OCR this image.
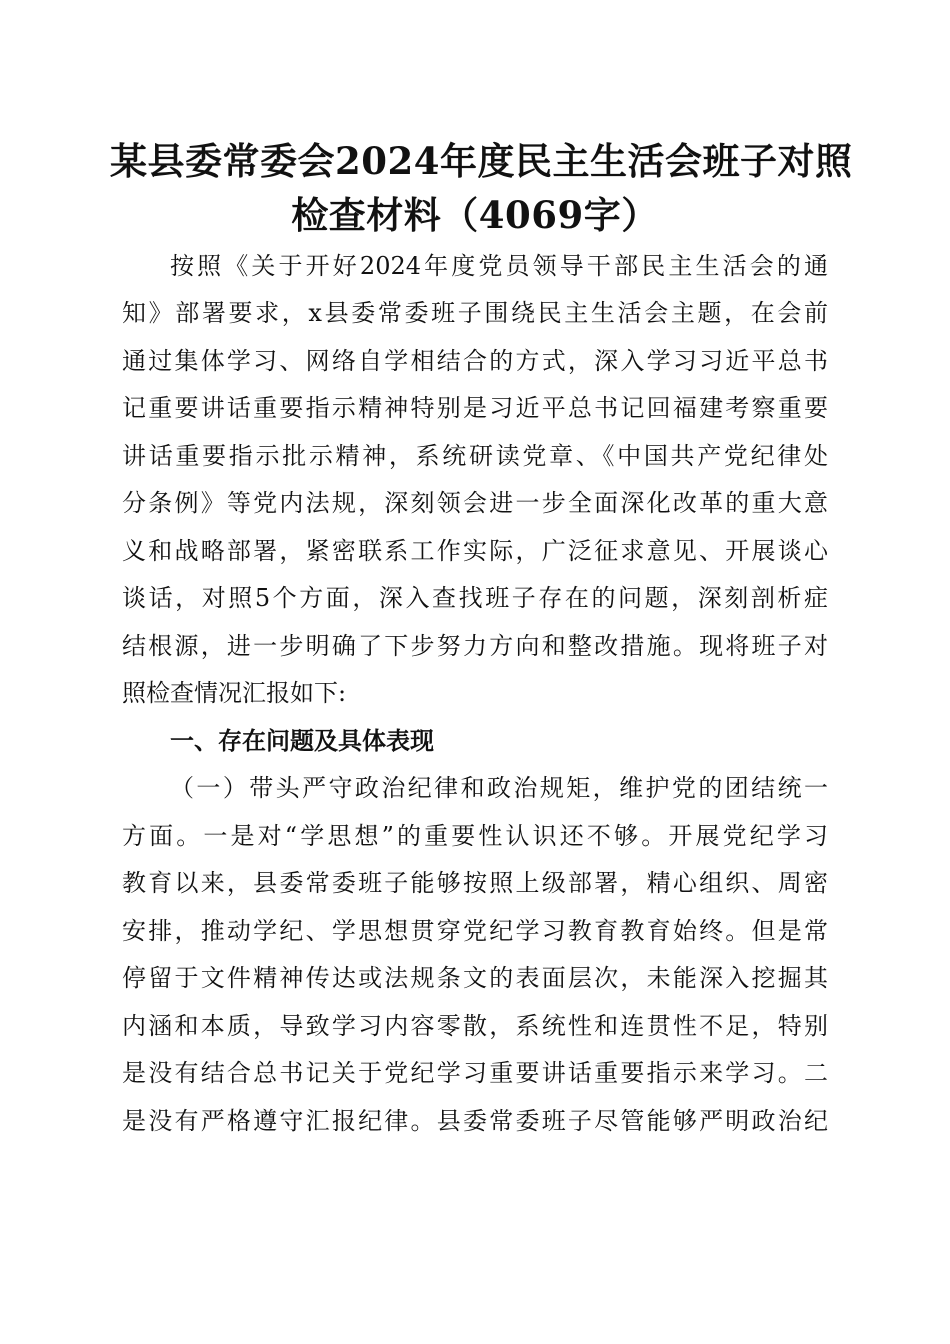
某县委常委会2024年度民主生活会班子对照
检查材料（4069字）
按照《关于开好2024年度党员领导干部民主生活会的通
知》部署要求，x县委常委班子围绕民主生活会主题，在会前
通过集体学习、网络自学相结合的方式，深入学习习近平总书
记重要讲话重要指示精神特别是习近平总书记回福建考察重要
讲话重要指示批示精神，系统研读党章、《中国共产党纪律处
分条例》等党内法规，深刻领会进一步全面深化改革的重大意
义和战略部署，紧密联系工作实际，广泛征求意见、开展谈心
谈话，对照5个方面，深入查找班子存在的问题，深刻剖析症
结根源，进一步明确了下步努力方向和整改措施。现将班子对
照检查情况汇报如下:
一、存在问题及具体表现
（一）带头严守政治纪律和政治规矩，维护党的团结统一
方面。一是对“学思想”的重要性认识还不够。开展党纪学习
教育以来，县委常委班子能够按照上级部署，精心组织、周密
安排，推动学纪、学思想贯穿党纪学习教育教育始终。但是常
停留于文件精神传达或法规条文的表面层次，未能深入挖掘其
内涵和本质，导致学习内容零散，系统性和连贯性不足，特别
是没有结合总书记关于党纪学习重要讲话重要指示来学习。二
是没有严格遵守汇报纪律。县委常委班子尽管能够严明政治纪
